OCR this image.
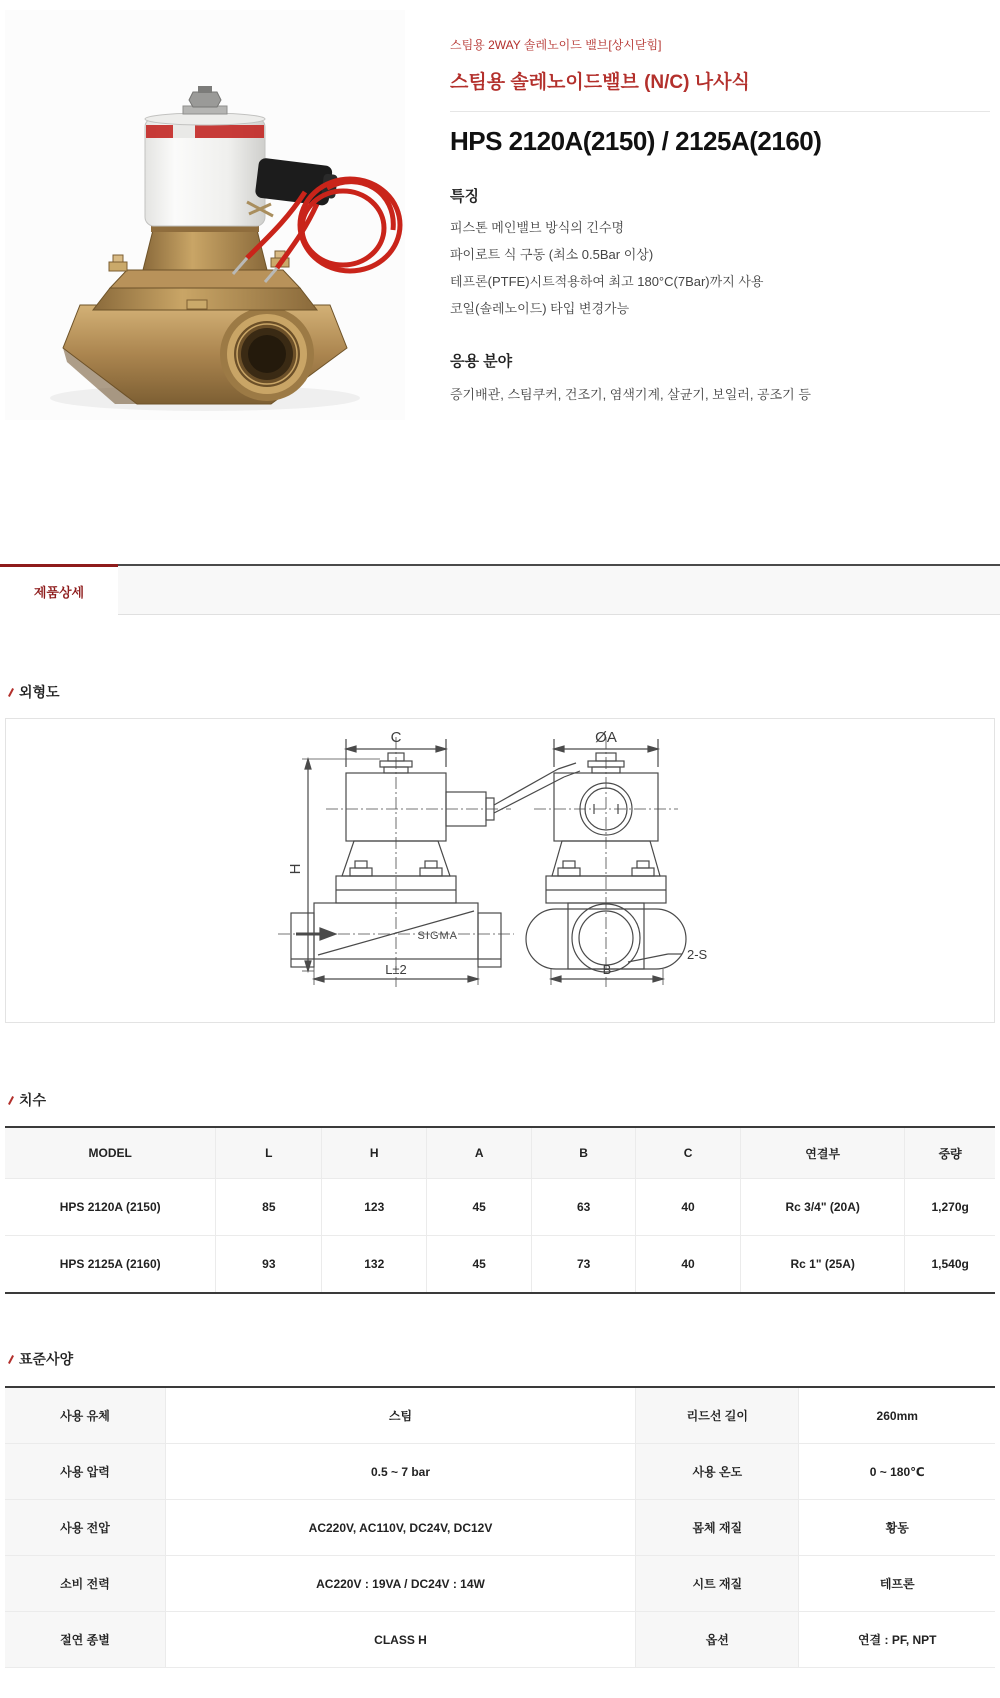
스팀용 2WAY 솔레노이드 밸브[상시닫힘]
스팀용 솔레노이드밸브 (N/C) 나사식
HPS 2120A(2150) / 2125A(2160)
특징
피스톤 메인밸브 방식의 긴수명
파이로트 식 구동 (최소 0.5Bar 이상)
테프론(PTFE)시트적용하여 최고 180°C(7Bar)까지 사용
코일(솔레노이드) 타입 변경가능
응용 분야
증기배관, 스팀쿠커, 건조기, 염색기계, 살균기, 보일러, 공조기 등
제품상세
외형도
SIGMA
C	ØA
H
L±2	B
2-S
치수
MODEL	L	H	A	B	C	연결부	중량
HPS 2120A (2150)	85	123	45	63	40	Rc 3/4" (20A)	1,270g
HPS 2125A (2160)	93	132	45	73	40	Rc 1" (25A)	1,540g
표준사양
사용 유체	스팀	리드선 길이	260mm
사용 압력	0.5 ~ 7 bar	사용 온도	0 ~ 180℃
사용 전압	AC220V, AC110V, DC24V, DC12V	몸체 재질	황동
소비 전력	AC220V : 19VA / DC24V : 14W	시트 재질	테프론
절연 종별	CLASS H	옵션	연결 : PF, NPT
